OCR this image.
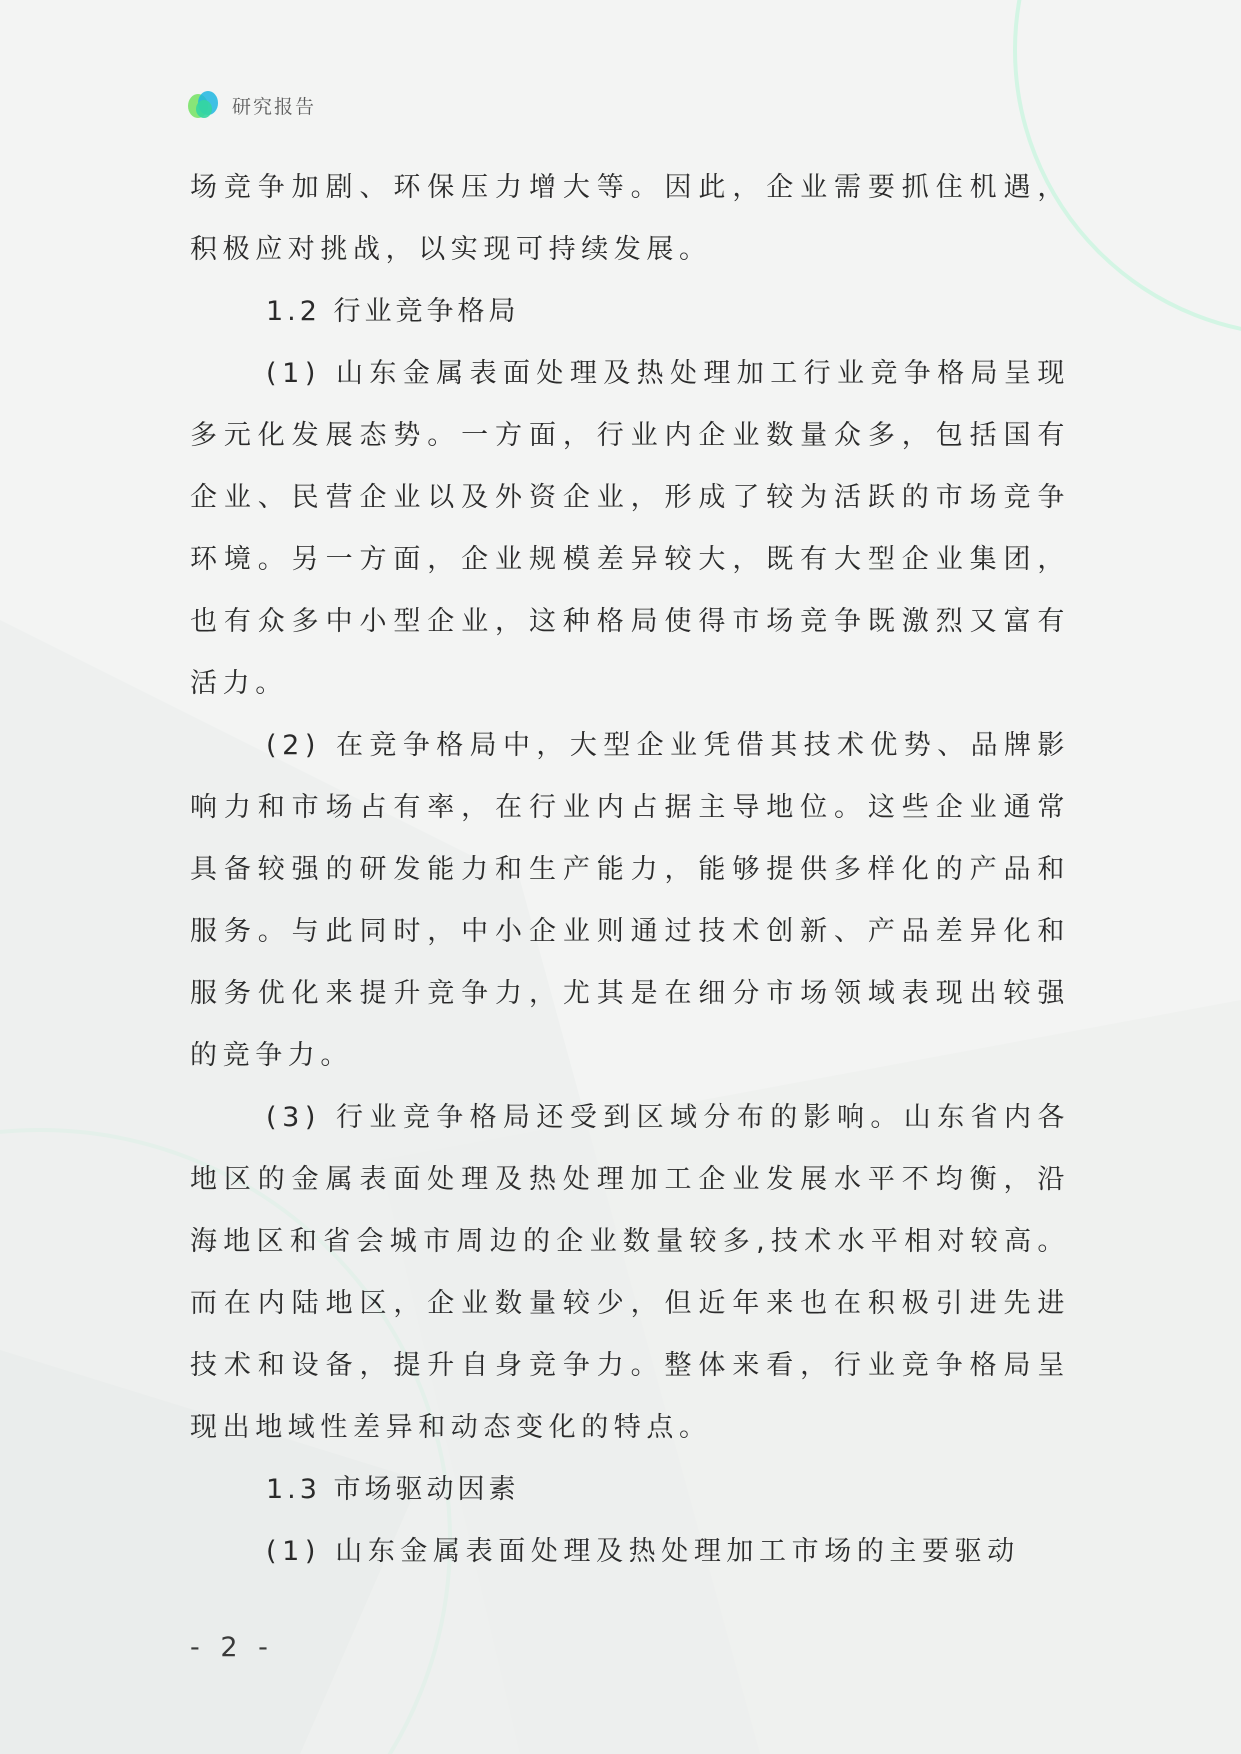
研究报告

场竞争加剧、环保压力增大等。因此，企业需要抓住机遇，积极应对挑战，以实现可持续发展。

1.2 行业竞争格局

(1) 山东金属表面处理及热处理加工行业竞争格局呈现多元化发展态势。一方面，行业内企业数量众多，包括国有企业、民营企业以及外资企业，形成了较为活跃的市场竞争环境。另一方面，企业规模差异较大，既有大型企业集团，也有众多中小型企业，这种格局使得市场竞争既激烈又富有活力。

(2) 在竞争格局中，大型企业凭借其技术优势、品牌影响力和市场占有率，在行业内占据主导地位。这些企业通常具备较强的研发能力和生产能力，能够提供多样化的产品和服务。与此同时，中小企业则通过技术创新、产品差异化和服务优化来提升竞争力，尤其是在细分市场领域表现出较强的竞争力。

(3) 行业竞争格局还受到区域分布的影响。山东省内各地区的金属表面处理及热处理加工企业发展水平不均衡，沿海地区和省会城市周边的企业数量较多,技术水平相对较高。而在内陆地区，企业数量较少，但近年来也在积极引进先进技术和设备，提升自身竞争力。整体来看，行业竞争格局呈现出地域性差异和动态变化的特点。

1.3 市场驱动因素

(1) 山东金属表面处理及热处理加工市场的主要驱动

- 2 -
